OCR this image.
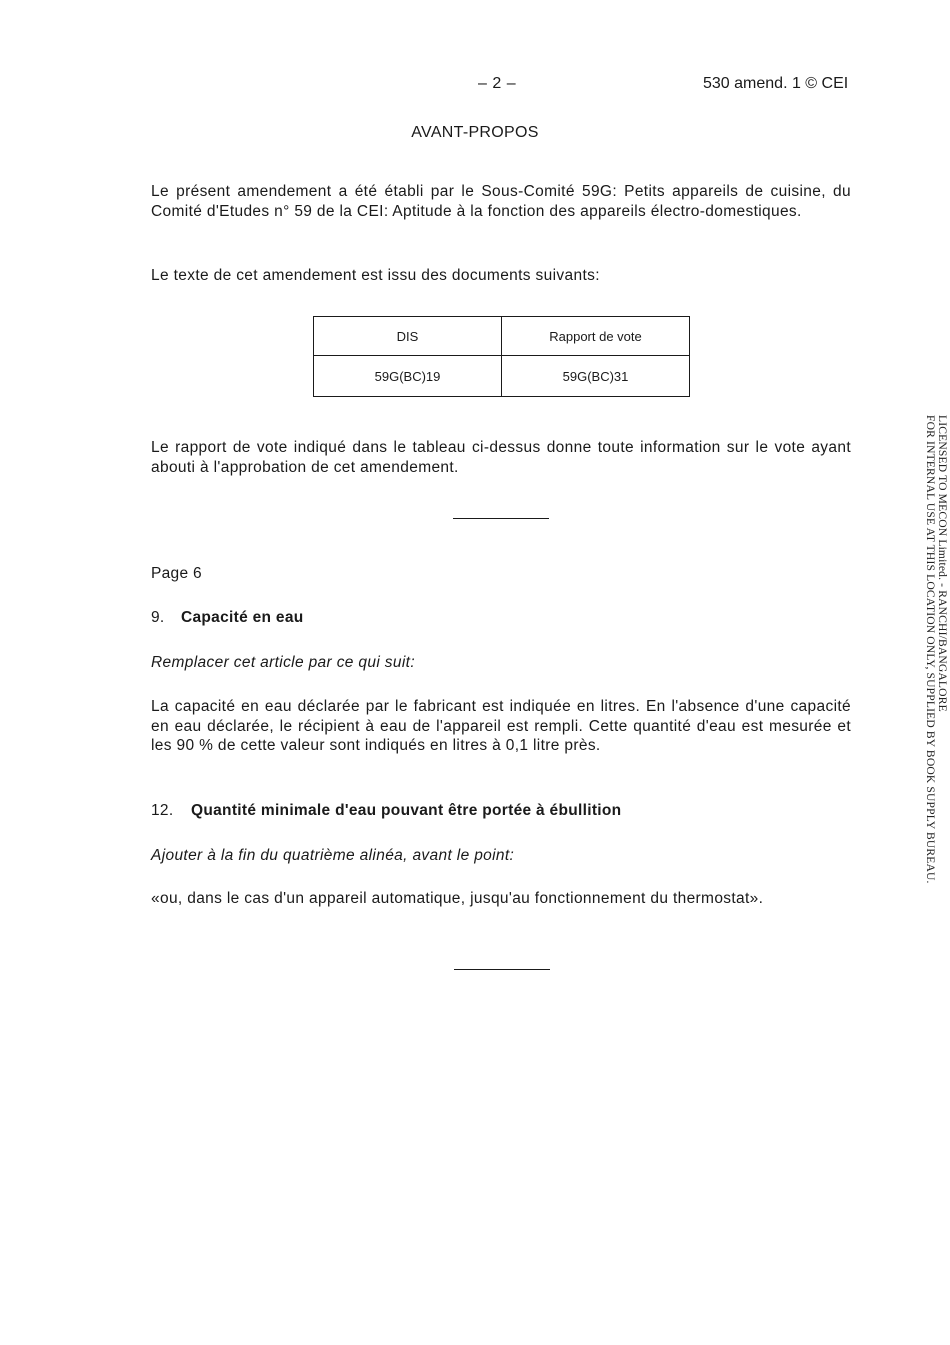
– 2 –	530 amend. 1 © CEI
AVANT-PROPOS
Le présent amendement a été établi par le Sous-Comité 59G: Petits appareils de cuisine, du Comité d'Etudes n° 59 de la CEI: Aptitude à la fonction des appareils électro-domestiques.
Le texte de cet amendement est issu des documents suivants:
DIS	Rapport de vote
59G(BC)19	59G(BC)31
Le rapport de vote indiqué dans le tableau ci-dessus donne toute information sur le vote ayant abouti à l'approbation de cet amendement.
Page 6
9. Capacité en eau
Remplacer cet article par ce qui suit:
La capacité en eau déclarée par le fabricant est indiquée en litres. En l'absence d'une capacité en eau déclarée, le récipient à eau de l'appareil est rempli. Cette quantité d'eau est mesurée et les 90 % de cette valeur sont indiqués en litres à 0,1 litre près.
12. Quantité minimale d'eau pouvant être portée à ébullition
Ajouter à la fin du quatrième alinéa, avant le point:
«ou, dans le cas d'un appareil automatique, jusqu'au fonctionnement du thermostat».
LICENSED TO MECON Limited. - RANCHI/BANGALORE
FOR INTERNAL USE AT THIS LOCATION ONLY, SUPPLIED BY BOOK SUPPLY BUREAU.
